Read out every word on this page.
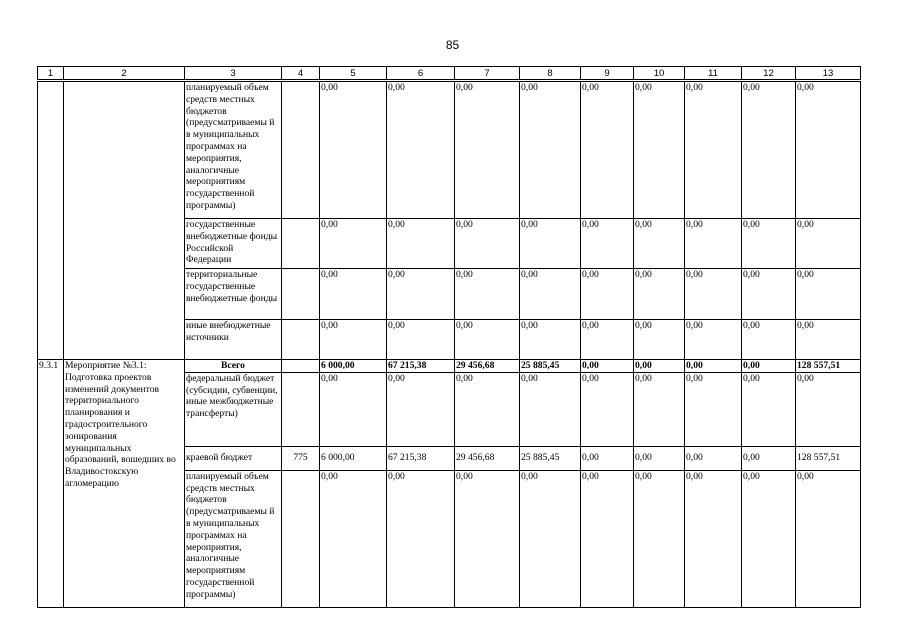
85
1	2	3	4	5	6	7	8	9	10	11	12	13
		планируемый объем средств местных бюджетов (предусматриваемы й в муниципальных программах на мероприятия, аналогичные мероприятиям государственной программы)		0,00	0,00	0,00	0,00	0,00	0,00	0,00	0,00	0,00
		государственные внебюджетные фонды Российской Федерации		0,00	0,00	0,00	0,00	0,00	0,00	0,00	0,00	0,00
		территориальные государственные внебюджетные фонды		0,00	0,00	0,00	0,00	0,00	0,00	0,00	0,00	0,00
		иные внебюджетные источники		0,00	0,00	0,00	0,00	0,00	0,00	0,00	0,00	0,00
9.3.1	Мероприятие №3.1: Подготовка проектов изменений документов территориального планирования и градостроительного зонирования муниципальных образований, вошедших во Владивостокскую агломерацию	Всего		6 000,00	67 215,38	29 456,68	25 885,45	0,00	0,00	0,00	0,00	128 557,51
		федеральный бюджет (субсидии, субвенции, иные межбюджетные трансферты)		0,00	0,00	0,00	0,00	0,00	0,00	0,00	0,00	0,00
		краевой бюджет	775	6 000,00	67 215,38	29 456,68	25 885,45	0,00	0,00	0,00	0,00	128 557,51
		планируемый объем средств местных бюджетов (предусматриваемы й в муниципальных программах на мероприятия, аналогичные мероприятиям государственной программы)		0,00	0,00	0,00	0,00	0,00	0,00	0,00	0,00	0,00
